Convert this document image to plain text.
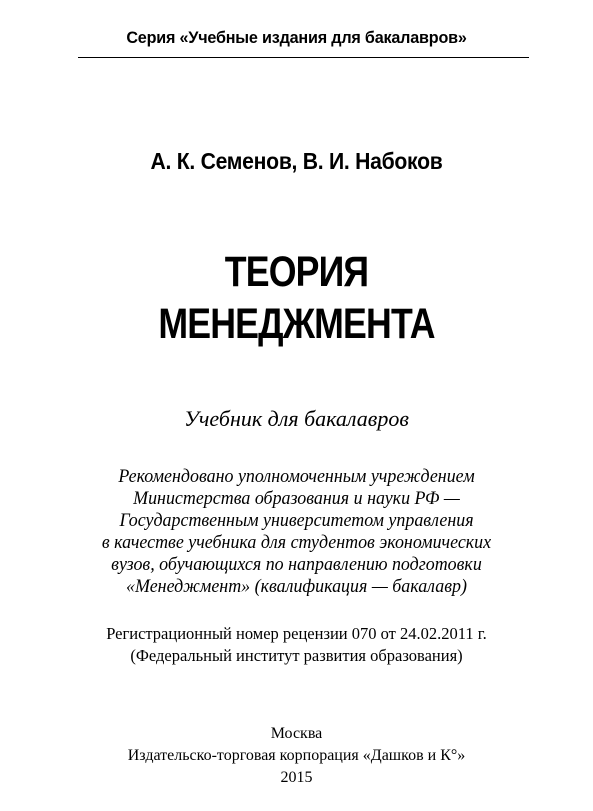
Серия «Учебные издания для бакалавров»
А. К. Семенов, В. И. Набоков
ТЕОРИЯ
МЕНЕДЖМЕНТА
Учебник для бакалавров
Рекомендовано уполномоченным учреждением
Министерства образования и науки РФ —
Государственным университетом управления
в качестве учебника для студентов экономических
вузов, обучающихся по направлению подготовки
«Менеджмент» (квалификация — бакалавр)
Регистрационный номер рецензии 070 от 24.02.2011 г.
(Федеральный институт развития образования)
Москва
Издательско-торговая корпорация «Дашков и К°»
2015
